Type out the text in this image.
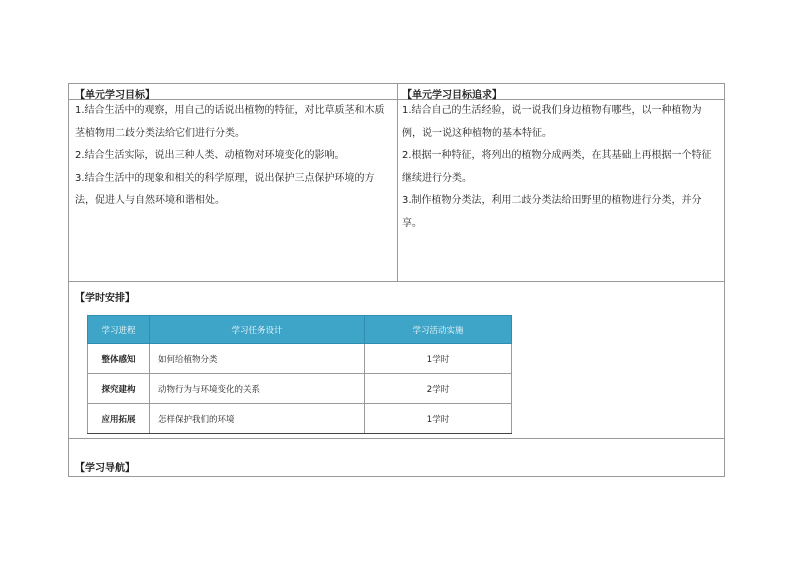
【单元学习目标】

1.结合生活中的观察，用自己的话说出植物的特征，对比草质茎和木质茎植物用二歧分类法给它们进行分类。

2.结合生活实际，说出三种人类、动植物对环境变化的影响。

3.结合生活中的现象和相关的科学原理，说出保护三点保护环境的方法，促进人与自然环境和谐相处。

【单元学习目标追求】

1.结合自己的生活经验，说一说我们身边植物有哪些，以一种植物为例，说一说这种植物的基本特征。

2.根据一种特征，将列出的植物分成两类，在其基础上再根据一个特征继续进行分类。

3.制作植物分类法，利用二歧分类法给田野里的植物进行分类，并分享。

【学时安排】
学习进程	学习任务设计	学习活动实施
整体感知	如何给植物分类	1学时
探究建构	动物行为与环境变化的关系	2学时
应用拓展	怎样保护我们的环境	1学时
【学习导航】
